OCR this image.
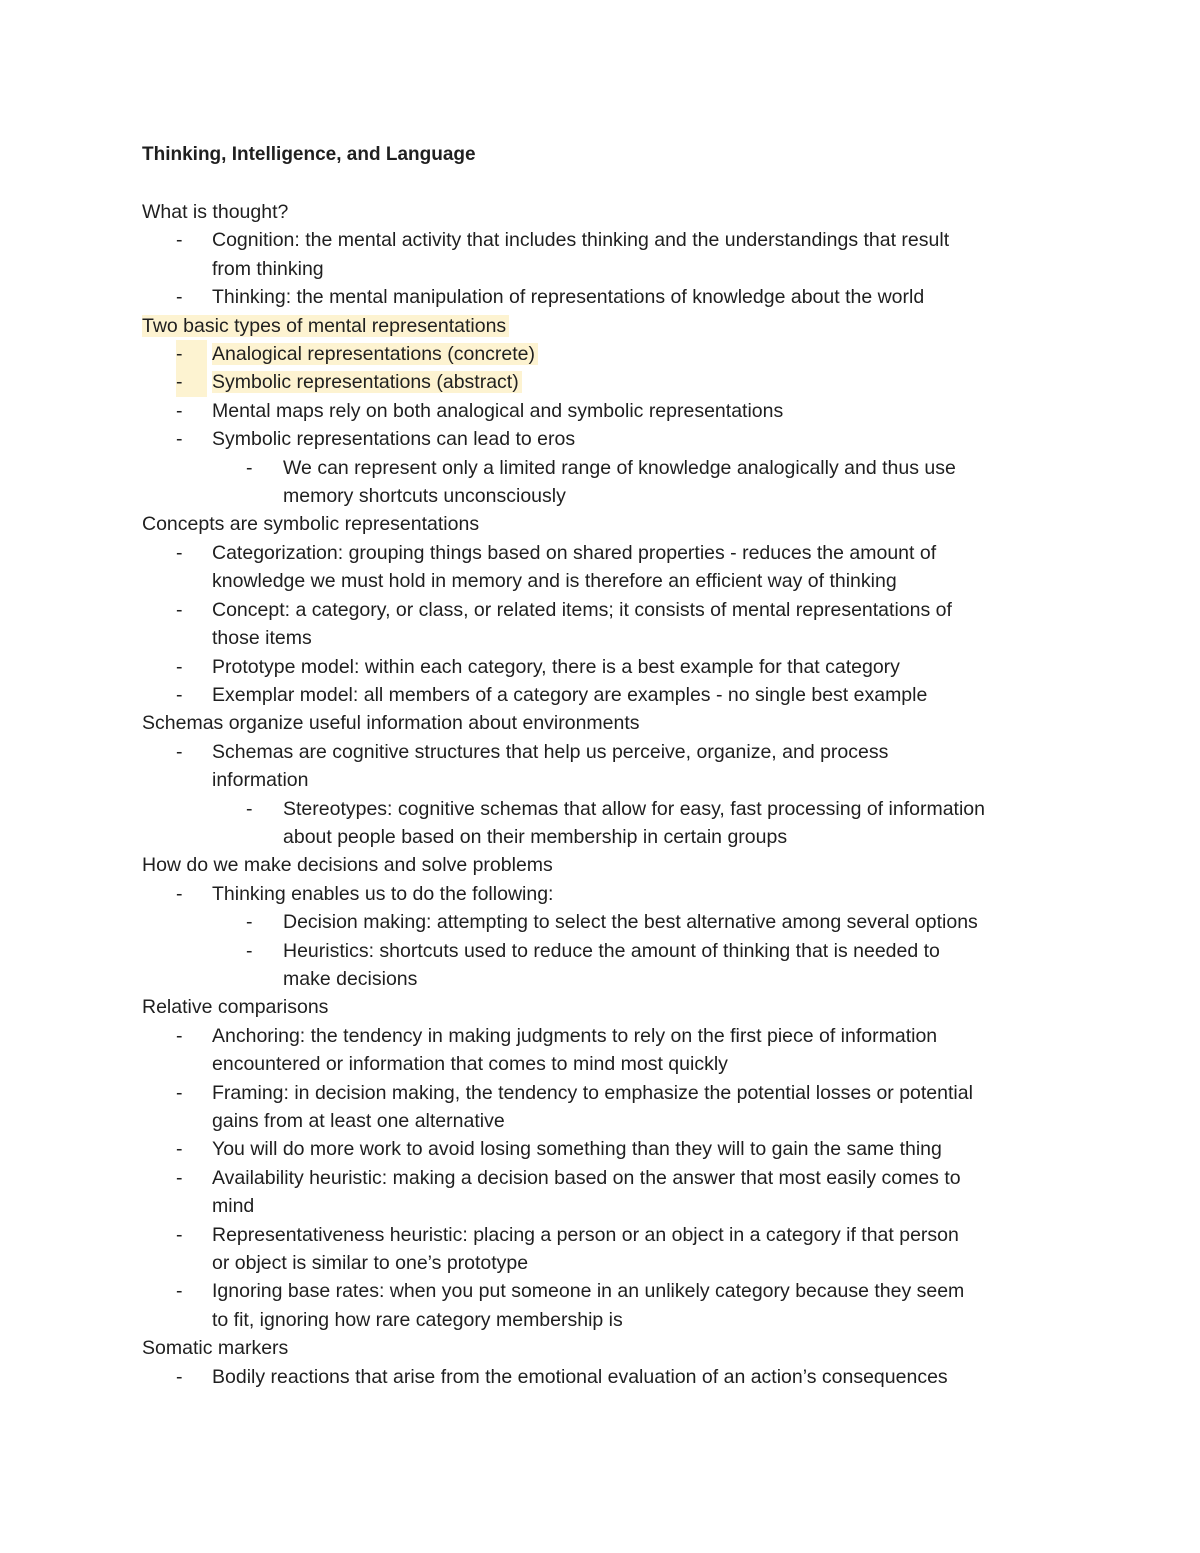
Thinking, Intelligence, and Language
What is thought?
- Cognition: the mental activity that includes thinking and the understandings that result
from thinking
- Thinking: the mental manipulation of representations of knowledge about the world
Two basic types of mental representations
-	Analogical representations (concrete)
-	Symbolic representations (abstract)
- Mental maps rely on both analogical and symbolic representations
- Symbolic representations can lead to eros
- We can represent only a limited range of knowledge analogically and thus use
memory shortcuts unconsciously
Concepts are symbolic representations
- Categorization: grouping things based on shared properties - reduces the amount of
knowledge we must hold in memory and is therefore an efficient way of thinking
- Concept: a category, or class, or related items; it consists of mental representations of
those items
- Prototype model: within each category, there is a best example for that category
- Exemplar model: all members of a category are examples - no single best example
Schemas organize useful information about environments
- Schemas are cognitive structures that help us perceive, organize, and process
information
- Stereotypes: cognitive schemas that allow for easy, fast processing of information
about people based on their membership in certain groups
How do we make decisions and solve problems
- Thinking enables us to do the following:
- Decision making: attempting to select the best alternative among several options
- Heuristics: shortcuts used to reduce the amount of thinking that is needed to
make decisions
Relative comparisons
- Anchoring: the tendency in making judgments to rely on the first piece of information
encountered or information that comes to mind most quickly
- Framing: in decision making, the tendency to emphasize the potential losses or potential
gains from at least one alternative
- You will do more work to avoid losing something than they will to gain the same thing
- Availability heuristic: making a decision based on the answer that most easily comes to
mind
- Representativeness heuristic: placing a person or an object in a category if that person
or object is similar to one’s prototype
- Ignoring base rates: when you put someone in an unlikely category because they seem
to fit, ignoring how rare category membership is
Somatic markers
- Bodily reactions that arise from the emotional evaluation of an action’s consequences
